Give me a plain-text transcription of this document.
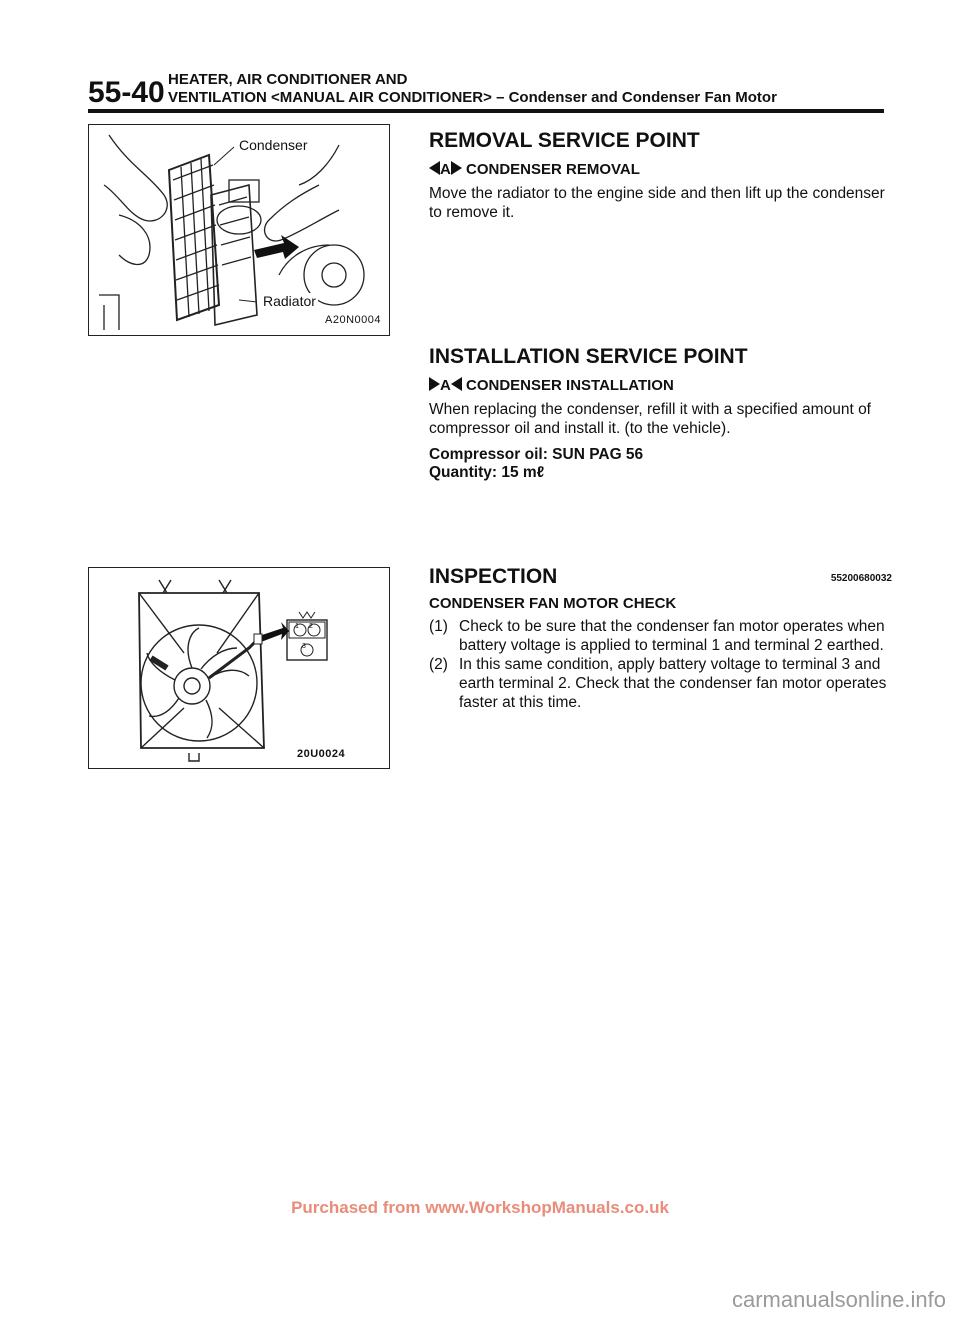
55-40 HEATER, AIR CONDITIONER AND
VENTILATION <MANUAL AIR CONDITIONER> – Condenser and Condenser Fan Motor
Condenser
Radiator
A20N0004
1 2
3
20U0024
REMOVAL SERVICE POINT

A CONDENSER REMOVAL

Move the radiator to the engine side and then lift up the condenser to remove it.

INSTALLATION SERVICE POINT

A CONDENSER INSTALLATION

When replacing the condenser, refill it with a specified amount of compressor oil and install it. (to the vehicle).

Compressor oil: SUN PAG 56

Quantity: 15 mℓ

INSPECTION	55200680032

CONDENSER FAN MOTOR CHECK

(1) Check to be sure that the condenser fan motor operates when battery voltage is applied to terminal 1 and terminal 2 earthed.
(2) In this same condition, apply battery voltage to terminal 3 and earth terminal 2. Check that the condenser fan motor operates faster at this time.
Purchased from www.WorkshopManuals.co.uk
carmanualsonline.info
